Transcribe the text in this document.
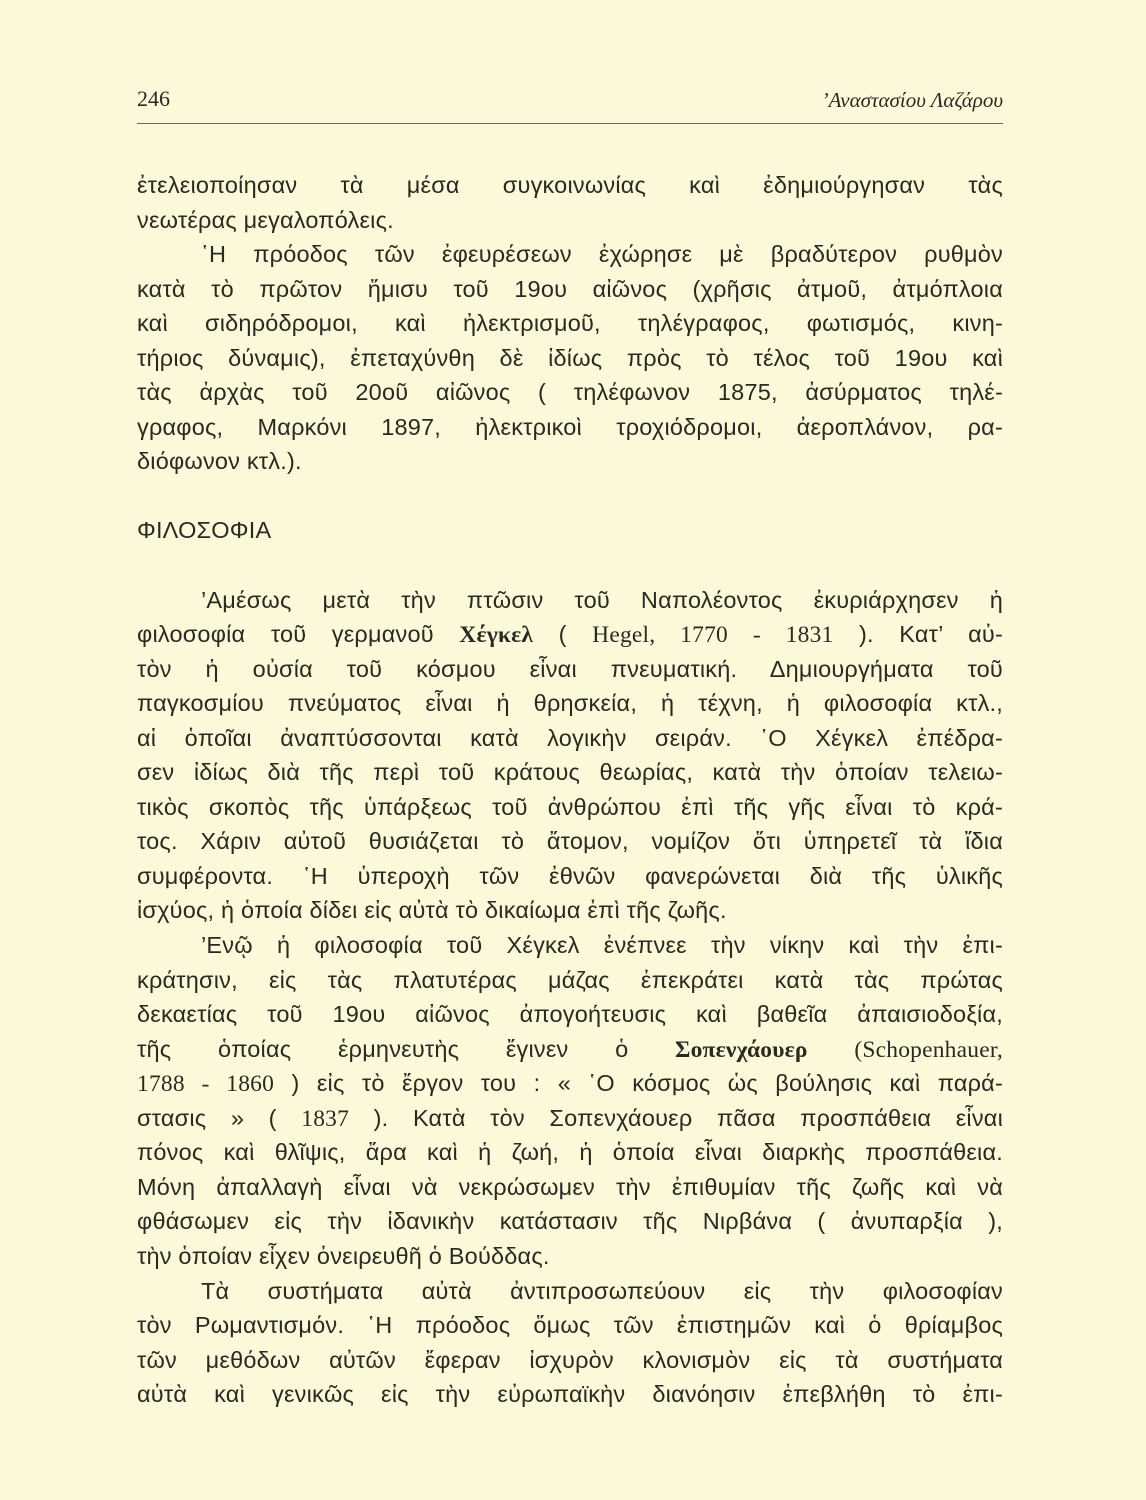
246	’Αναστασίου Λαζάρου
ἐτελειοποίησαν τὰ μέσα συγκοινωνίας καὶ ἐδημιούργησαν τὰς
νεωτέρας μεγαλοπόλεις.
῾Η πρόοδος τῶν ἐφευρέσεων ἐχώρησε μὲ βραδύτερον ρυθμὸν
κατὰ τὸ πρῶτον ἥμισυ τοῦ 19ου αἰῶνος (χρῆσις ἀτμοῦ, ἀτμόπλοια
καὶ σιδηρόδρομοι, καὶ ἠλεκτρισμοῦ, τηλέγραφος, φωτισμός, κινη-
τήριος δύναμις), ἐπεταχύνθη δὲ ἰδίως πρὸς τὸ τέλος τοῦ 19ου καὶ
τὰς ἀρχὰς τοῦ 20οῦ αἰῶνος ( τηλέφωνον 1875, ἀσύρματος τηλέ-
γραφος, Μαρκόνι 1897, ἠλεκτρικοὶ τροχιόδρομοι, ἀεροπλάνον, ρα-
διόφωνον κτλ.).
ΦΙΛΟΣΟΦΙΑ
’Αμέσως μετὰ τὴν πτῶσιν τοῦ Ναπολέοντος ἐκυριάρχησεν ἡ
φιλοσοφία τοῦ γερμανοῦ Χέγκελ ( Hegel, 1770 - 1831 ). Κατ’ αὐ-
τὸν ἡ οὐσία τοῦ κόσμου εἶναι πνευματική. Δημιουργήματα τοῦ
παγκοσμίου πνεύματος εἶναι ἡ θρησκεία, ἡ τέχνη, ἡ φιλοσοφία κτλ.,
αἱ ὁποῖαι ἀναπτύσσονται κατὰ λογικὴν σειράν. ῾Ο Χέγκελ ἐπέδρα-
σεν ἰδίως διὰ τῆς περὶ τοῦ κράτους θεωρίας, κατὰ τὴν ὁποίαν τελειω-
τικὸς σκοπὸς τῆς ὑπάρξεως τοῦ ἀνθρώπου ἐπὶ τῆς γῆς εἶναι τὸ κρά-
τος. Χάριν αὐτοῦ θυσιάζεται τὸ ἄτομον, νομίζον ὅτι ὑπηρετεῖ τὰ ἴδια
συμφέροντα. ῾Η ὑπεροχὴ τῶν ἐθνῶν φανερώνεται διὰ τῆς ὑλικῆς
ἰσχύος, ἡ ὁποία δίδει εἰς αὐτὰ τὸ δικαίωμα ἐπὶ τῆς ζωῆς.
’Ενῷ ἡ φιλοσοφία τοῦ Χέγκελ ἐνέπνεε τὴν νίκην καὶ τὴν ἐπι-
κράτησιν, εἰς τὰς πλατυτέρας μάζας ἐπεκράτει κατὰ τὰς πρώτας
δεκαετίας τοῦ 19ου αἰῶνος ἀπογοήτευσις καὶ βαθεῖα ἀπαισιοδοξία,
τῆς ὁποίας ἑρμηνευτὴς ἔγινεν ὁ Σοπενχάουερ (Schopenhauer,
1788 - 1860 ) εἰς τὸ ἔργον του : « ῾Ο κόσμος ὡς βούλησις καὶ παρά-
στασις » ( 1837 ). Κατὰ τὸν Σοπενχάουερ πᾶσα προσπάθεια εἶναι
πόνος καὶ θλῖψις, ἄρα καὶ ἡ ζωή, ἡ ὁποία εἶναι διαρκὴς προσπάθεια.
Μόνη ἀπαλλαγὴ εἶναι νὰ νεκρώσωμεν τὴν ἐπιθυμίαν τῆς ζωῆς καὶ νὰ
φθάσωμεν εἰς τὴν ἰδανικὴν κατάστασιν τῆς Νιρβάνα ( ἀνυπαρξία ),
τὴν ὁποίαν εἶχεν ὀνειρευθῆ ὁ Βούδδας.
Τὰ συστήματα αὐτὰ ἀντιπροσωπεύουν εἰς τὴν φιλοσοφίαν
τὸν Ρωμαντισμόν. ῾Η πρόοδος ὅμως τῶν ἐπιστημῶν καὶ ὁ θρίαμβος
τῶν μεθόδων αὐτῶν ἔφεραν ἰσχυρὸν κλονισμὸν εἰς τὰ συστήματα
αὐτὰ καὶ γενικῶς εἰς τὴν εὐρωπαϊκὴν διανόησιν ἐπεβλήθη τὸ ἐπι-
